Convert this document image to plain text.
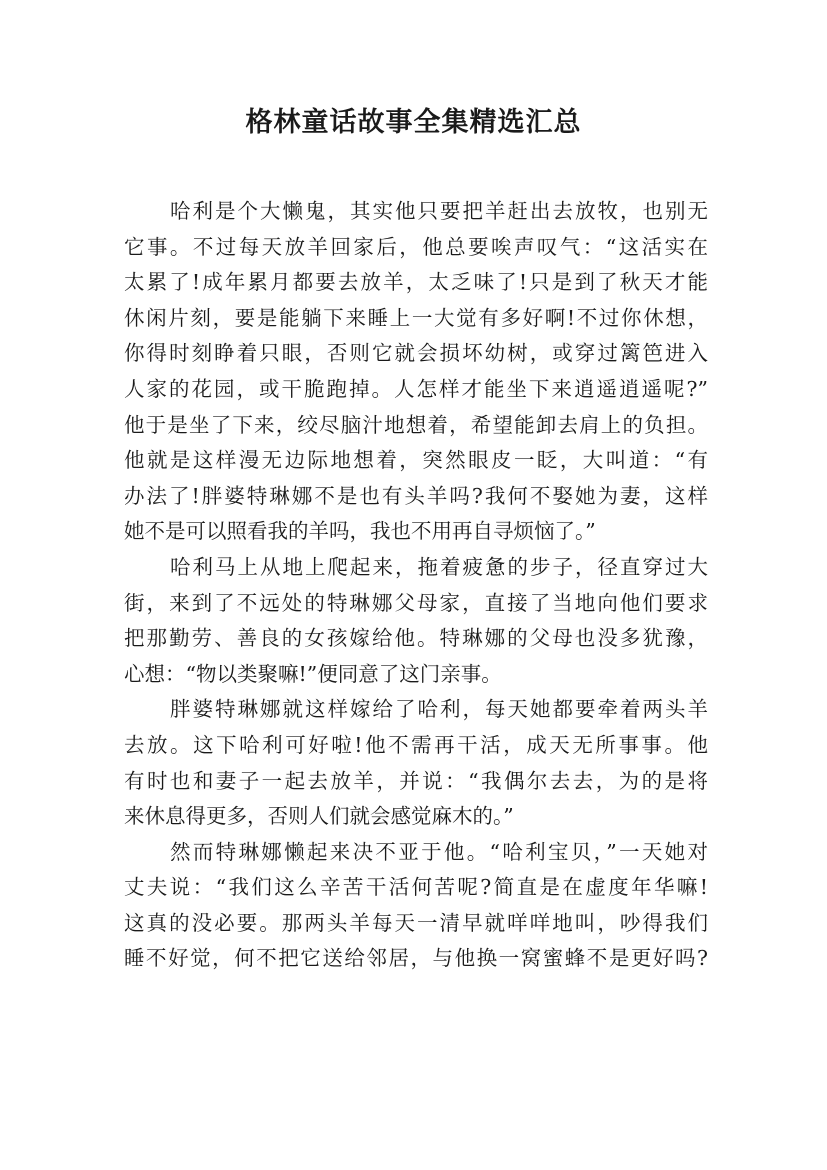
格林童话故事全集精选汇总

哈利是个大懒鬼，其实他只要把羊赶出去放牧，也别无
它事。不过每天放羊回家后，他总要唉声叹气：“这活实在
太累了!成年累月都要去放羊，太乏味了!只是到了秋天才能
休闲片刻，要是能躺下来睡上一大觉有多好啊!不过你休想，
你得时刻睁着只眼，否则它就会损坏幼树，或穿过篱笆进入
人家的花园，或干脆跑掉。人怎样才能坐下来逍遥逍遥呢?”
他于是坐了下来，绞尽脑汁地想着，希望能卸去肩上的负担。
他就是这样漫无边际地想着，突然眼皮一眨，大叫道：“有
办法了!胖婆特琳娜不是也有头羊吗?我何不娶她为妻，这样
她不是可以照看我的羊吗，我也不用再自寻烦恼了。”

哈利马上从地上爬起来，拖着疲惫的步子，径直穿过大
街，来到了不远处的特琳娜父母家，直接了当地向他们要求
把那勤劳、善良的女孩嫁给他。特琳娜的父母也没多犹豫，
心想：“物以类聚嘛!”便同意了这门亲事。

胖婆特琳娜就这样嫁给了哈利，每天她都要牵着两头羊
去放。这下哈利可好啦!他不需再干活，成天无所事事。他
有时也和妻子一起去放羊，并说：“我偶尔去去，为的是将
来休息得更多，否则人们就会感觉麻木的。”

然而特琳娜懒起来决不亚于他。“哈利宝贝，”一天她对
丈夫说：“我们这么辛苦干活何苦呢?简直是在虚度年华嘛!
这真的没必要。那两头羊每天一清早就咩咩地叫，吵得我们
睡不好觉，何不把它送给邻居，与他换一窝蜜蜂不是更好吗?
